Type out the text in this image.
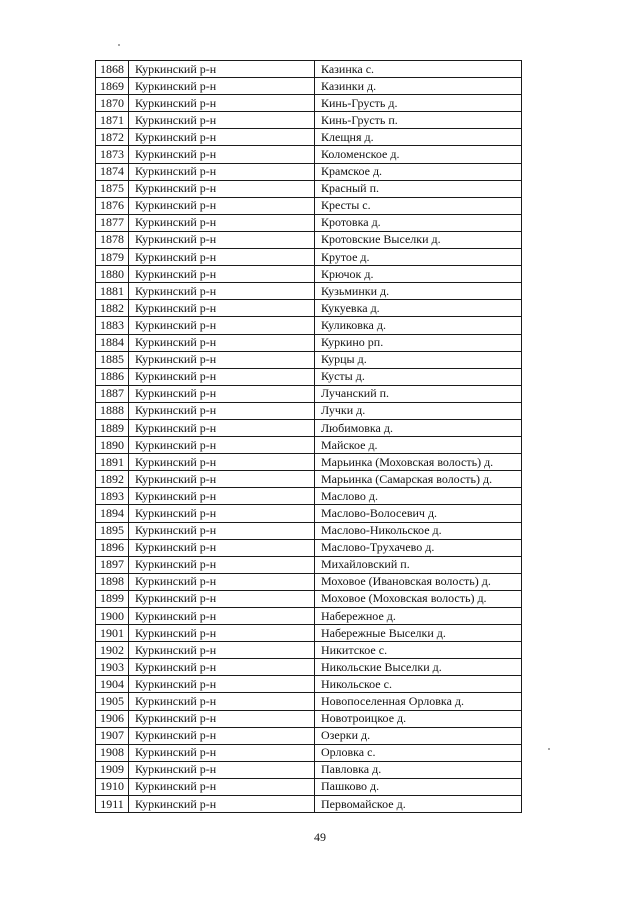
1868	Куркинский р-н	Казинка с.
1869	Куркинский р-н	Казинки д.
1870	Куркинский р-н	Кинь-Грусть д.
1871	Куркинский р-н	Кинь-Грусть п.
1872	Куркинский р-н	Клещня д.
1873	Куркинский р-н	Коломенское д.
1874	Куркинский р-н	Крамское д.
1875	Куркинский р-н	Красный п.
1876	Куркинский р-н	Кресты с.
1877	Куркинский р-н	Кротовка д.
1878	Куркинский р-н	Кротовские Выселки д.
1879	Куркинский р-н	Крутое д.
1880	Куркинский р-н	Крючок д.
1881	Куркинский р-н	Кузьминки д.
1882	Куркинский р-н	Кукуевка д.
1883	Куркинский р-н	Куликовка д.
1884	Куркинский р-н	Куркино рп.
1885	Куркинский р-н	Курцы д.
1886	Куркинский р-н	Кусты д.
1887	Куркинский р-н	Лучанский п.
1888	Куркинский р-н	Лучки д.
1889	Куркинский р-н	Любимовка д.
1890	Куркинский р-н	Майское д.
1891	Куркинский р-н	Марьинка (Моховская волость) д.
1892	Куркинский р-н	Марьинка (Самарская волость) д.
1893	Куркинский р-н	Маслово д.
1894	Куркинский р-н	Маслово-Волосевич д.
1895	Куркинский р-н	Маслово-Никольское д.
1896	Куркинский р-н	Маслово-Трухачево д.
1897	Куркинский р-н	Михайловский п.
1898	Куркинский р-н	Моховое (Ивановская волость) д.
1899	Куркинский р-н	Моховое (Моховская волость) д.
1900	Куркинский р-н	Набережное д.
1901	Куркинский р-н	Набережные Выселки д.
1902	Куркинский р-н	Никитское с.
1903	Куркинский р-н	Никольские Выселки д.
1904	Куркинский р-н	Никольское с.
1905	Куркинский р-н	Новопоселенная Орловка д.
1906	Куркинский р-н	Новотроицкое д.
1907	Куркинский р-н	Озерки д.
1908	Куркинский р-н	Орловка с.
1909	Куркинский р-н	Павловка д.
1910	Куркинский р-н	Пашково д.
1911	Куркинский р-н	Первомайское д.
49
